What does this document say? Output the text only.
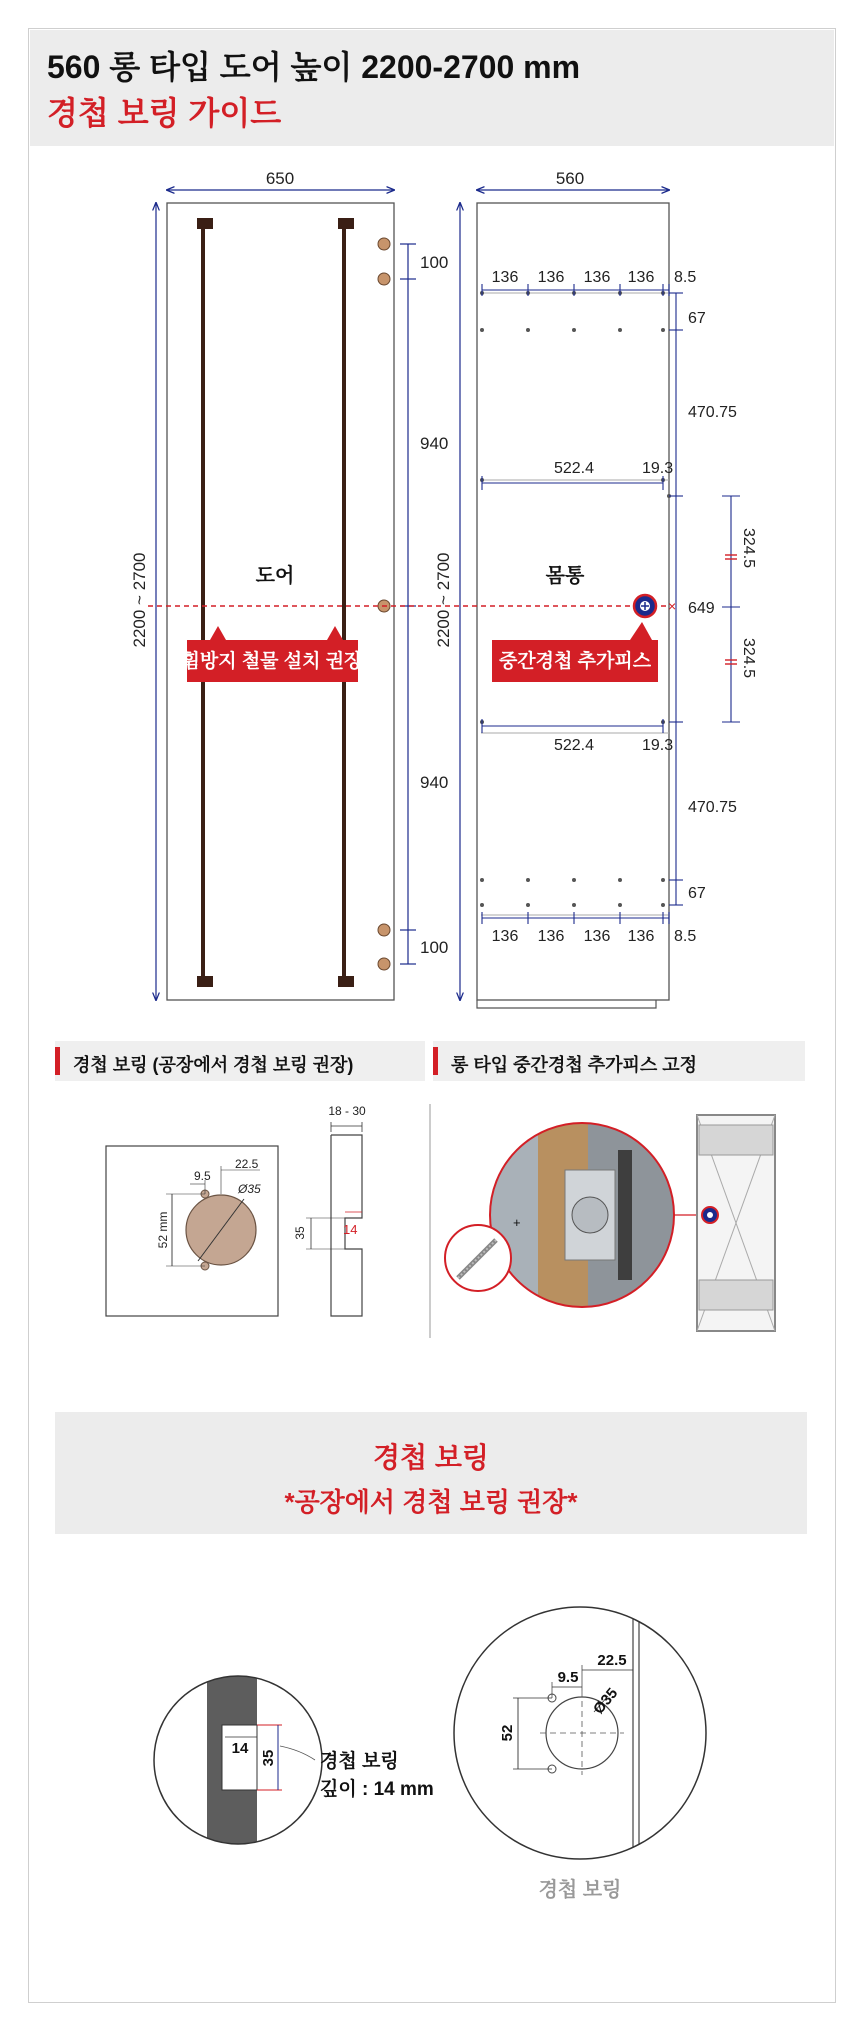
560 롱 타입 도어 높이 2200-2700 mm
경첩 보링 가이드
650
2200 ~ 2700	도어
100
940
940
100
560
2200 ~ 2700	몸통
136 136 136 136 8.5
67
470.75
470.75
67
522.4	19.3
522.4	19.3
649
324.5
324.5
136 136 136 136 8.5
×
휨방지 철물 설치 권장	중간경첩 추가피스
경첩 보링 (공장에서 경첩 보링 권장)	롱 타입 중간경첩 추가피스 고정
22.5
9.5
Ø35
52 mm
18 - 30
35	14	+
경첩 보링
*공장에서 경첩 보링 권장*
14
35 경첩 보링
깊이 : 14 mm
22.5
9.5
Ø35
52
경첩 보링
